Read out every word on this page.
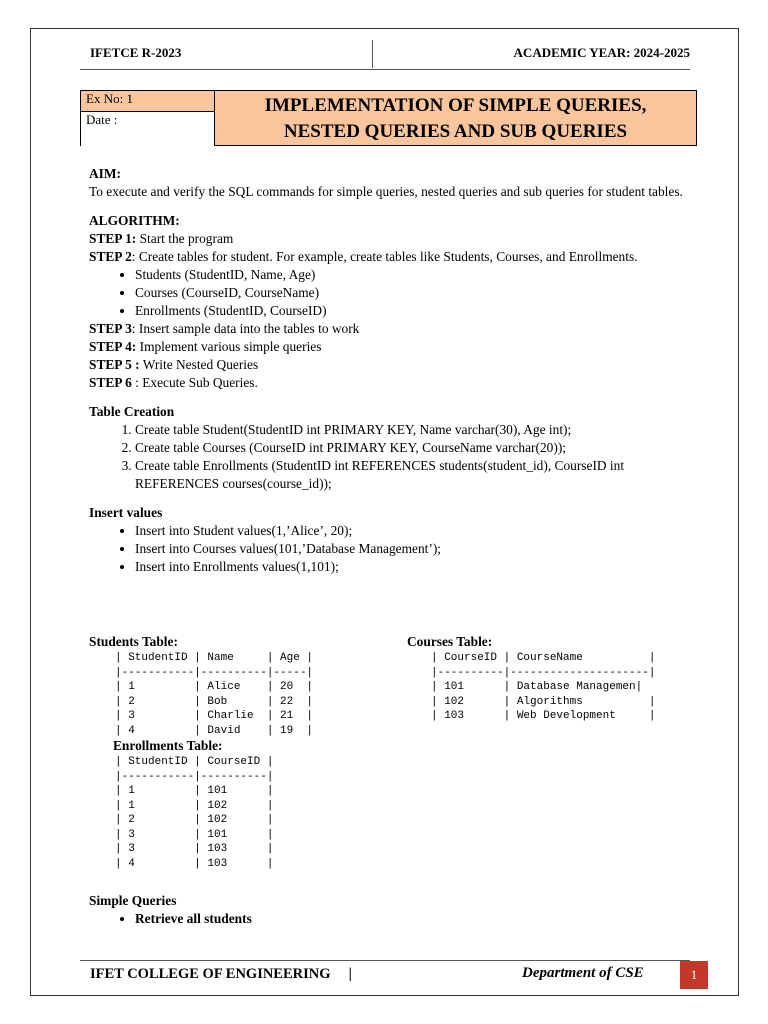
IFETCE R-2023	ACADEMIC YEAR: 2024-2025
Ex No: 1
Date :
IMPLEMENTATION OF SIMPLE QUERIES,
NESTED QUERIES AND SUB QUERIES

AIM:

To execute and verify the SQL commands for simple queries, nested queries and sub queries for student tables.

ALGORITHM:

STEP 1: Start the program

STEP 2: Create tables for student. For example, create tables like Students, Courses, and Enrollments.

• Students (StudentID, Name, Age)
• Courses (CourseID, CourseName)
• Enrollments (StudentID, CourseID)

STEP 3: Insert sample data into the tables to work

STEP 4: Implement various simple queries

STEP 5 : Write Nested Queries

STEP 6 : Execute Sub Queries.

Table Creation

1. Create table Student(StudentID int PRIMARY KEY, Name varchar(30), Age int);
2. Create table Courses (CourseID int PRIMARY KEY, CourseName varchar(20));
3. Create table Enrollments (StudentID int REFERENCES students(student_id), CourseID int REFERENCES courses(course_id));

Insert values

• Insert into Student values(1,’Alice’, 20);
• Insert into Courses values(101,’Database Management’);
• Insert into Enrollments values(1,101);
Students Table:
| StudentID | Name     | Age |
|-----------|----------|-----|
| 1         | Alice    | 20  |
| 2         | Bob      | 22  |
| 3         | Charlie  | 21  |
| 4         | David    | 19  |
Courses Table:
| CourseID | CourseName          |
|----------|---------------------|
| 101      | Database Managemen|
| 102      | Algorithms          |
| 103      | Web Development     |
Enrollments Table:
| StudentID | CourseID |
|-----------|----------|
| 1         | 101      |
| 1         | 102      |
| 2         | 102      |
| 3         | 101      |
| 3         | 103      |
| 4         | 103      |

Simple Queries

• Retrieve all students
IFET COLLEGE OF ENGINEERING     |	Department of CSE	1
